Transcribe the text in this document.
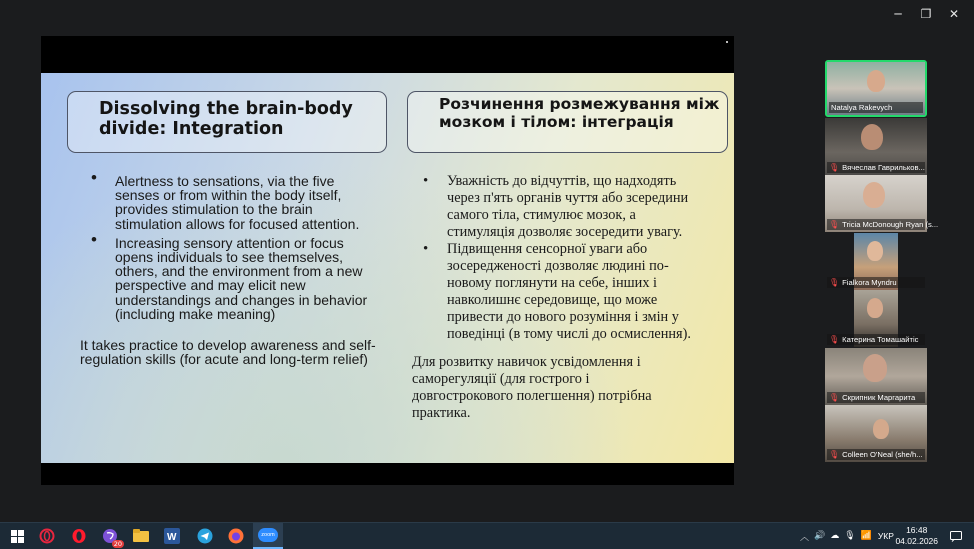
─	❐	✕
Dissolving the brain-body divide: Integration
Розчинення розмежування між мозком і тілом: інтеграція
• Alertness to sensations, via the five senses or from within the body itself, provides stimulation to the brain stimulation allows for focused attention.
• Increasing sensory attention or focus opens individuals to see themselves, others, and the environment from a new perspective and may elicit new understandings and changes in behavior (including make meaning)

It takes practice to develop awareness and self-regulation skills (for acute and long-term relief)

• Уважність до відчуттів, що надходять через п'ять органів чуття або зсередини самого тіла, стимулює мозок, а стимуляція дозволяє зосередити увагу.
• Підвищення сенсорної уваги або зосередженості дозволяє людині по-новому поглянути на себе, інших і навколишнє середовище, що може привести до нового розуміння і змін у поведінці (в тому числі до осмислення).

Для розвитку навичок усвідомлення і саморегуляції (для гострого і довгострокового полегшення) потрібна практика.

Natalya Rakevych
🎙 Вячеслав Гаврильков...
🎙 Tricia McDonough Ryan (s...
🎙 Fialkora Myndru
🎙 Катерина Томашайтіс
🎙 Скрипник Маргарита
🎙 Colleen O'Neal (she/h...
20
W	zoom	︿ 🔊 ☁ 🎙 📶 УКР
16:48
04.02.2026
